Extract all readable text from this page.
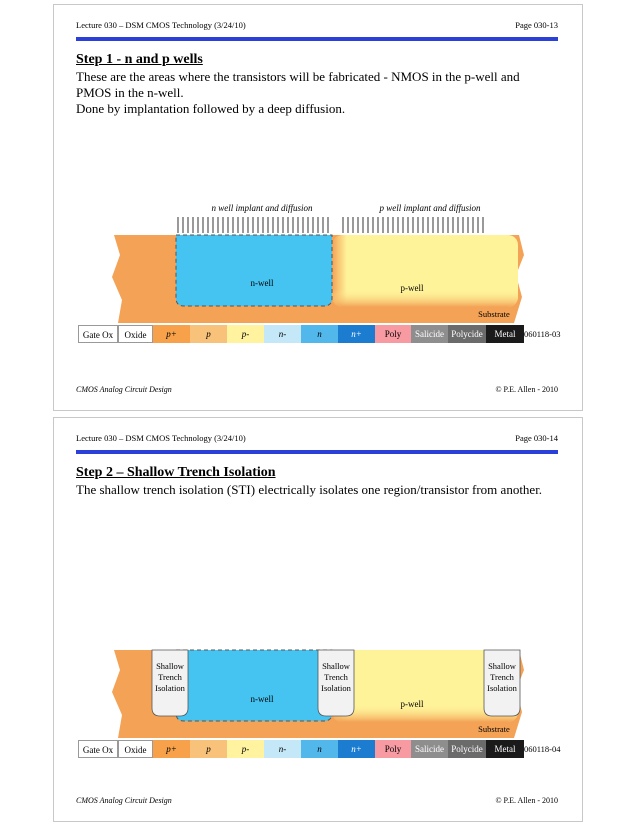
Lecture 030 – DSM CMOS Technology (3/24/10)	Page 030-13
Step 1 - n and p wells

These are the areas where the transistors will be fabricated - NMOS in the p-well and PMOS in the n-well.

Done by implantation followed by a deep diffusion.

n well implant and diffusion	p well implant and diffusion
n-well	p-well
Substrate
Gate Ox	Oxide	p+	p	p-	n-	n	n+	Poly	Salicide Polycide	Metal	060118-03
CMOS Analog Circuit Design	© P.E. Allen - 2010
Lecture 030 – DSM CMOS Technology (3/24/10)	Page 030-14
Step 2 – Shallow Trench Isolation

The shallow trench isolation (STI) electrically isolates one region/transistor from another.

Shallow
Trench
Isolation
Shallow
Trench
Isolation
Shallow
Trench
Isolation
n-well	p-well
Substrate
Gate Ox	Oxide	p+	p	p-	n-	n	n+	Poly	Salicide Polycide	Metal	060118-04
CMOS Analog Circuit Design	© P.E. Allen - 2010
